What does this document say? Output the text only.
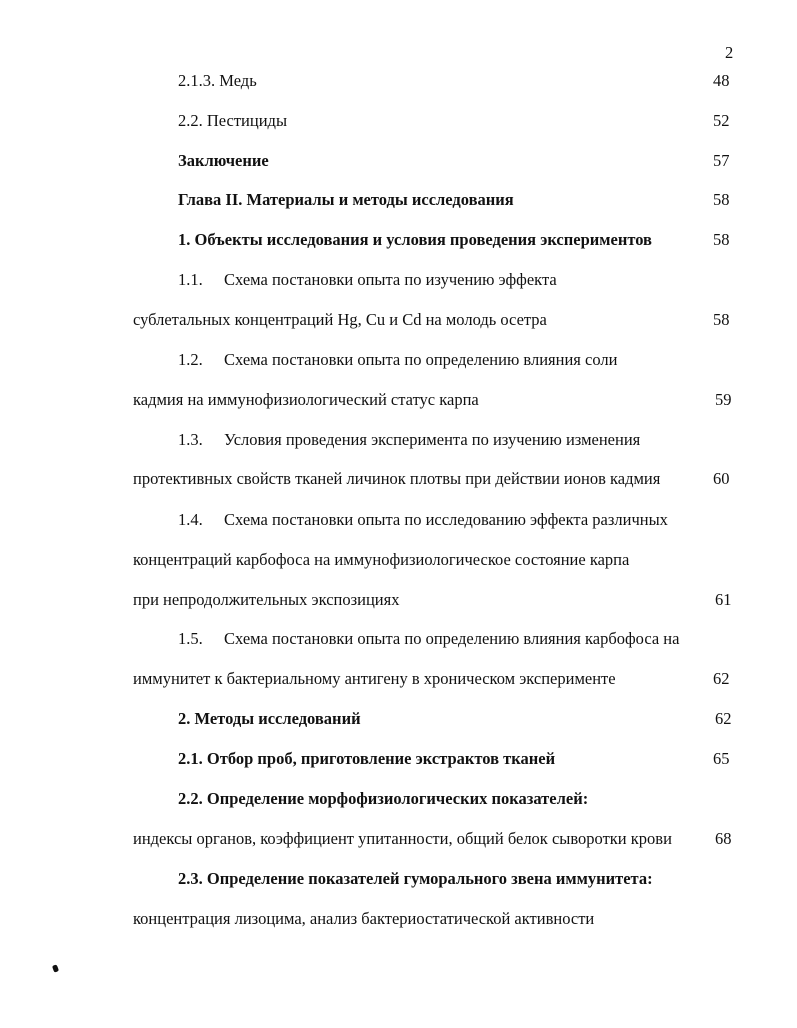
2
2.1.3. Медь	48
2.2. Пестициды	52
Заключение	57
Глава II. Материалы и методы исследования	58
1. Объекты исследования и условия проведения экспериментов	58
1.1. Схема постановки опыта по изучению эффекта
сублетальных концентраций Hg, Cu и Cd на молодь осетра	58
1.2. Схема постановки опыта по определению влияния соли
кадмия на иммунофизиологический статус карпа	59
1.3. Условия проведения эксперимента по изучению изменения
протективных свойств тканей личинок плотвы при действии ионов кадмия	60
1.4. Схема постановки опыта по исследованию эффекта различных
концентраций карбофоса на иммунофизиологическое состояние карпа
при непродолжительных экспозициях	61
1.5. Схема постановки опыта по определению влияния карбофоса на
иммунитет к бактериальному антигену в хроническом эксперименте	62
2. Методы исследований	62
2.1. Отбор проб, приготовление экстрактов тканей	65
2.2. Определение морфофизиологических показателей:
индексы органов, коэффициент упитанности, общий белок сыворотки крови	68
2.3. Определение показателей гуморального звена иммунитета:
концентрация лизоцима, анализ бактериостатической активности
